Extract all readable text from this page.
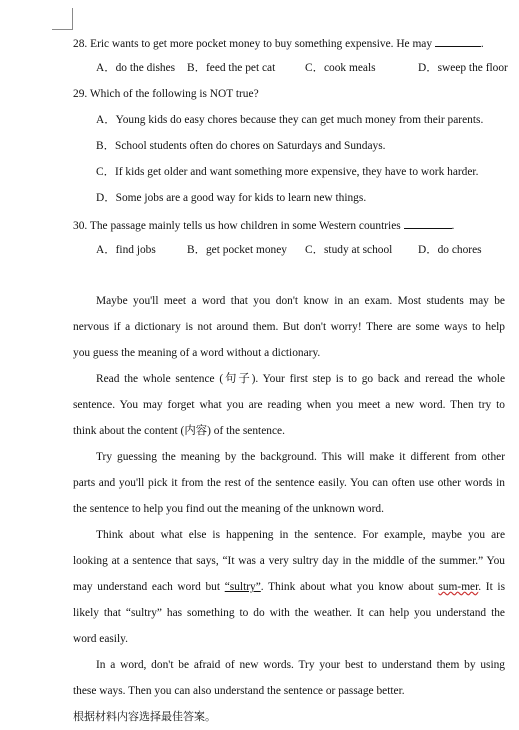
28. Eric wants to get more pocket money to buy something expensive. He may	.
A．do the dishes B．feed the pet cat	C．cook meals	D．sweep the floor
29. Which of the following is NOT true?
A．Young kids do easy chores because they can get much money from their parents.
B．School students often do chores on Saturdays and Sundays.
C．If kids get older and want something more expensive, they have to work harder.
D．Some jobs are a good way for kids to learn new things.
30. The passage mainly tells us how children in some Western countries	.
A．find jobs	B．get pocket money C．study at school D．do chores
Maybe you'll meet a word that you don't know in an exam. Most students may be
nervous if a dictionary is not around them. But don't worry! There are some ways to help
you guess the meaning of a word without a dictionary.
Read the whole sentence (句子). Your first step is to go back and reread the whole
sentence. You may forget what you are reading when you meet a new word. Then try to
think about the content (内容) of the sentence.
Try guessing the meaning by the background. This will make it different from other
parts and you'll pick it from the rest of the sentence easily. You can often use other words in
the sentence to help you find out the meaning of the unknown word.
Think about what else is happening in the sentence. For example, maybe you are
looking at a sentence that says, “It was a very sultry day in the middle of the summer.” You
may understand each word but “sultry”. Think about what you know about sum-mer. It is
likely that “sultry” has something to do with the weather. It can help you understand the
word easily.
In a word, don't be afraid of new words. Try your best to understand them by using
these ways. Then you can also understand the sentence or passage better.
根据材料内容选择最佳答案。
